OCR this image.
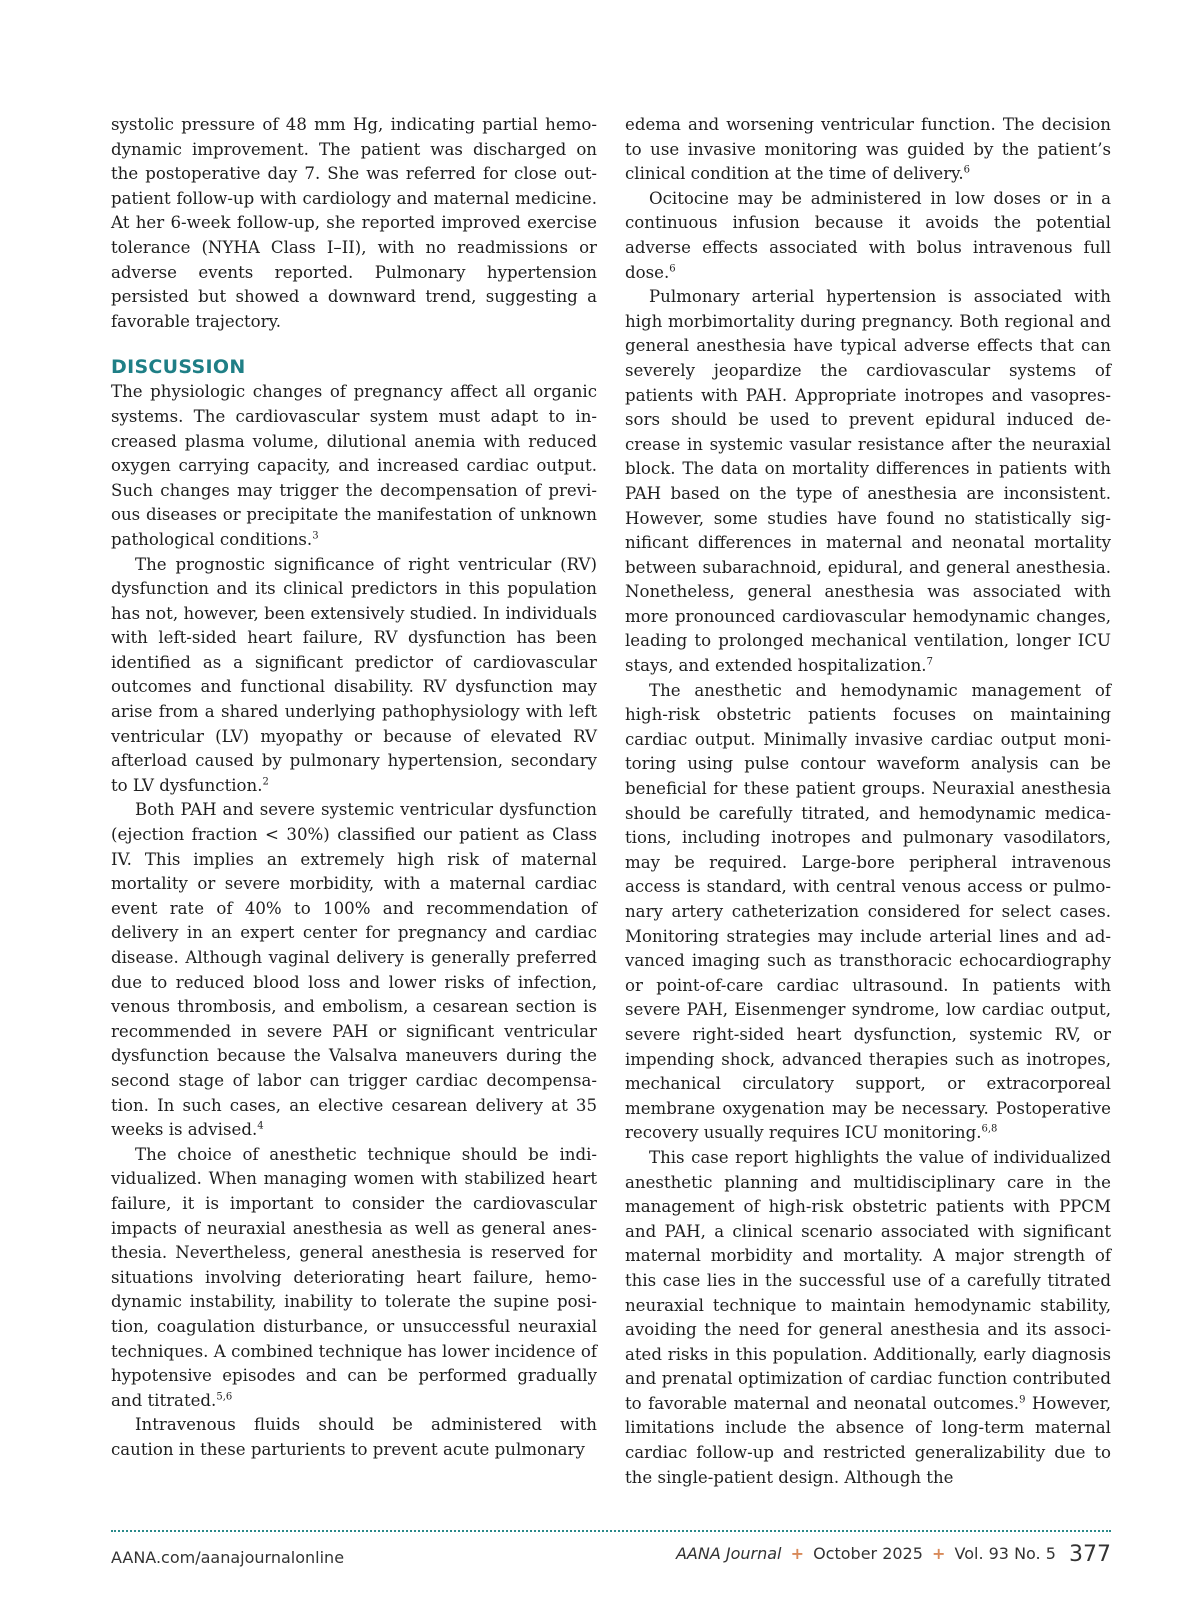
systolic pressure of 48 mm Hg, indicating partial hemodynamic improvement. The patient was discharged on the postoperative day 7. She was referred for close outpatient follow-up with cardiology and maternal medicine. At her 6-week follow-up, she reported improved exercise tolerance (NYHA Class I–II), with no readmissions or adverse events reported. Pulmonary hypertension persisted but showed a downward trend, suggesting a favorable trajectory.

DISCUSSION

The physiologic changes of pregnancy affect all organic systems. The cardiovascular system must adapt to increased plasma volume, dilutional anemia with reduced oxygen carrying capacity, and increased cardiac output. Such changes may trigger the decompensation of previous diseases or precipitate the manifestation of unknown pathological conditions.$^3$

The prognostic significance of right ventricular (RV) dysfunction and its clinical predictors in this population has not, however, been extensively studied. In individuals with left-sided heart failure, RV dysfunction has been identified as a significant predictor of cardiovascular outcomes and functional disability. RV dysfunction may arise from a shared underlying pathophysiology with left ventricular (LV) myopathy or because of elevated RV afterload caused by pulmonary hypertension, secondary to LV dysfunction.$^2$

Both PAH and severe systemic ventricular dysfunction (ejection fraction < 30%) classified our patient as Class IV. This implies an extremely high risk of maternal mortality or severe morbidity, with a maternal cardiac event rate of 40% to 100% and recommendation of delivery in an expert center for pregnancy and cardiac disease. Although vaginal delivery is generally preferred due to reduced blood loss and lower risks of infection, venous thrombosis, and embolism, a cesarean section is recommended in severe PAH or significant ventricular dysfunction because the Valsalva maneuvers during the second stage of labor can trigger cardiac decompensation. In such cases, an elective cesarean delivery at 35 weeks is advised.$^4$

The choice of anesthetic technique should be individualized. When managing women with stabilized heart failure, it is important to consider the cardiovascular impacts of neuraxial anesthesia as well as general anesthesia. Nevertheless, general anesthesia is reserved for situations involving deteriorating heart failure, hemodynamic instability, inability to tolerate the supine position, coagulation disturbance, or unsuccessful neuraxial techniques. A combined technique has lower incidence of hypotensive episodes and can be performed gradually and titrated.$^{5,6}$

Intravenous fluids should be administered with caution in these parturients to prevent acute pulmonary

edema and worsening ventricular function. The decision to use invasive monitoring was guided by the patient’s clinical condition at the time of delivery.$^6$

Ocitocine may be administered in low doses or in a continuous infusion because it avoids the potential adverse effects associated with bolus intravenous full dose.$^6$

Pulmonary arterial hypertension is associated with high morbimortality during pregnancy. Both regional and general anesthesia have typical adverse effects that can severely jeopardize the cardiovascular systems of patients with PAH. Appropriate inotropes and vasopressors should be used to prevent epidural induced decrease in systemic vasular resistance after the neuraxial block. The data on mortality differences in patients with PAH based on the type of anesthesia are inconsistent. However, some studies have found no statistically significant differences in maternal and neonatal mortality between subarachnoid, epidural, and general anesthesia. Nonetheless, general anesthesia was associated with more pronounced cardiovascular hemodynamic changes, leading to prolonged mechanical ventilation, longer ICU stays, and extended hospitalization.$^7$

The anesthetic and hemodynamic management of high-risk obstetric patients focuses on maintaining cardiac output. Minimally invasive cardiac output monitoring using pulse contour waveform analysis can be beneficial for these patient groups. Neuraxial anesthesia should be carefully titrated, and hemodynamic medications, including inotropes and pulmonary vasodilators, may be required. Large-bore peripheral intravenous access is standard, with central venous access or pulmonary artery catheterization considered for select cases. Monitoring strategies may include arterial lines and advanced imaging such as transthoracic echocardiography or point-of-care cardiac ultrasound. In patients with severe PAH, Eisenmenger syndrome, low cardiac output, severe right-sided heart dysfunction, systemic RV, or impending shock, advanced therapies such as inotropes, mechanical circulatory support, or extracorporeal membrane oxygenation may be necessary. Postoperative recovery usually requires ICU monitoring.$^{6,8}$

This case report highlights the value of individualized anesthetic planning and multidisciplinary care in the management of high-risk obstetric patients with PPCM and PAH, a clinical scenario associated with significant maternal morbidity and mortality. A major strength of this case lies in the successful use of a carefully titrated neuraxial technique to maintain hemodynamic stability, avoiding the need for general anesthesia and its associated risks in this population. Additionally, early diagnosis and prenatal optimization of cardiac function contributed to favorable maternal and neonatal outcomes.$^9$ However, limitations include the absence of long-term maternal cardiac follow-up and restricted generalizability due to the single-patient design. Although the

AANA.com/aanajournalonline	AANA Journal + October 2025 + Vol. 93 No. 5 377
